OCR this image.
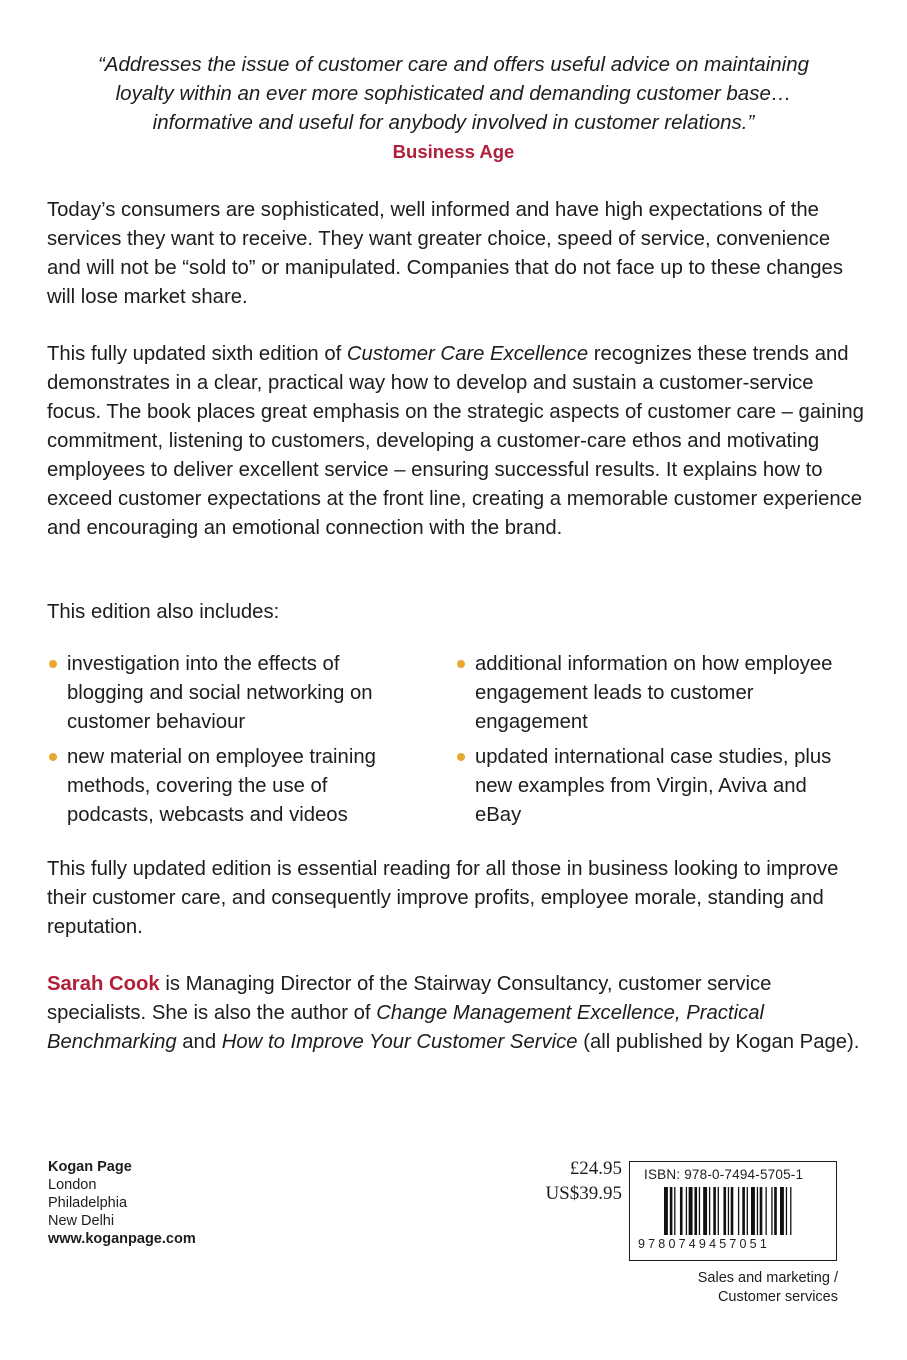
“Addresses the issue of customer care and offers useful advice on maintaining
loyalty within an ever more sophisticated and demanding customer base…
informative and useful for anybody involved in customer relations.”
Business Age

Today’s consumers are sophisticated, well informed and have high expectations of the services they want to receive. They want greater choice, speed of service, convenience and will not be “sold to” or manipulated. Companies that do not face up to these changes will lose market share.

This fully updated sixth edition of Customer Care Excellence recognizes these trends and demonstrates in a clear, practical way how to develop and sustain a customer-service focus. The book places great emphasis on the strategic aspects of customer care – gaining commitment, listening to customers, developing a customer-care ethos and motivating employees to deliver excellent service – ensuring successful results. It explains how to exceed customer expectations at the front line, creating a memorable customer experience and encouraging an emotional connection with the brand.

This edition also includes:

investigation into the effects of blogging and social networking on customer behaviour
new material on employee training methods, covering the use of podcasts, webcasts and videos
additional information on how employee engagement leads to customer engagement
updated international case studies, plus new examples from Virgin, Aviva and eBay

This fully updated edition is essential reading for all those in business looking to improve their customer care, and consequently improve profits, employee morale, standing and reputation.

Sarah Cook is Managing Director of the Stairway Consultancy, customer service specialists. She is also the author of Change Management Excellence, Practical Benchmarking and How to Improve Your Customer Service (all published by Kogan Page).

Kogan Page
London
Philadelphia
New Delhi
www.koganpage.com
£24.95
US$39.95
ISBN: 978-0-7494-5705-1
9780749457051
Sales and marketing /
Customer services
